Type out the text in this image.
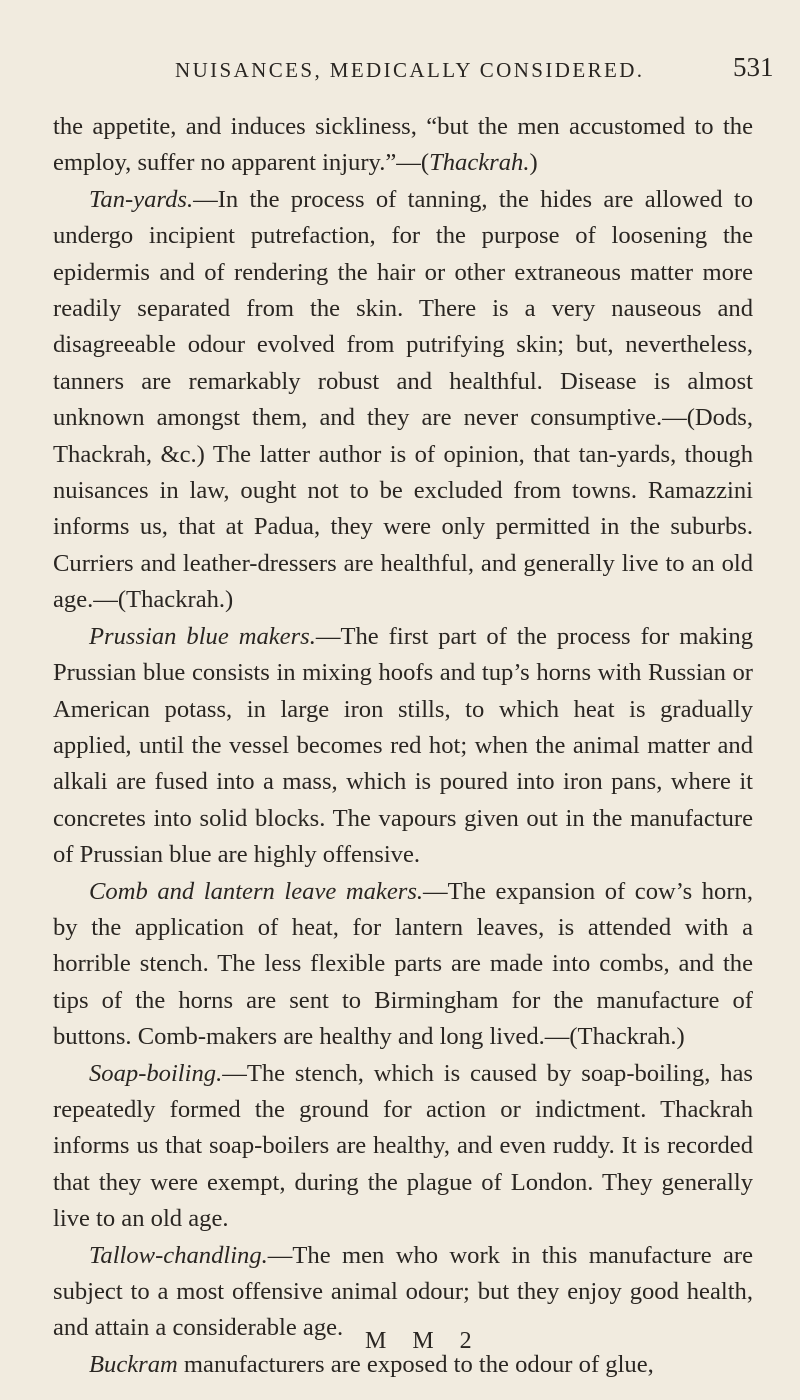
NUISANCES, MEDICALLY CONSIDERED.	531

the appetite, and induces sickliness, “but the men accustomed to the employ, suffer no apparent injury.”—(Thackrah.)

Tan-yards.—In the process of tanning, the hides are allowed to undergo incipient putrefaction, for the purpose of loosening the epidermis and of rendering the hair or other extraneous matter more readily separated from the skin. There is a very nauseous and disagreeable odour evolved from putrifying skin; but, nevertheless, tanners are remarkably robust and healthful. Disease is almost unknown amongst them, and they are never consumptive.—(Dods, Thackrah, &c.) The latter author is of opinion, that tan-yards, though nuisances in law, ought not to be excluded from towns. Ramazzini informs us, that at Padua, they were only permitted in the suburbs. Curriers and leather-dressers are healthful, and generally live to an old age.—(Thackrah.)

Prussian blue makers.—The first part of the process for making Prussian blue consists in mixing hoofs and tup’s horns with Russian or American potass, in large iron stills, to which heat is gradually applied, until the vessel becomes red hot; when the animal matter and alkali are fused into a mass, which is poured into iron pans, where it concretes into solid blocks. The vapours given out in the manufacture of Prussian blue are highly offensive.

Comb and lantern leave makers.—The expansion of cow’s horn, by the application of heat, for lantern leaves, is attended with a horrible stench. The less flexible parts are made into combs, and the tips of the horns are sent to Birmingham for the manufacture of buttons. Comb-makers are healthy and long lived.—(Thackrah.)

Soap-boiling.—The stench, which is caused by soap-boiling, has repeatedly formed the ground for action or indictment. Thackrah informs us that soap-boilers are healthy, and even ruddy. It is recorded that they were exempt, during the plague of London. They generally live to an old age.

Tallow-chandling.—The men who work in this manufacture are subject to a most offensive animal odour; but they enjoy good health, and attain a considerable age.

Buckram manufacturers are exposed to the odour of glue,

M M 2
